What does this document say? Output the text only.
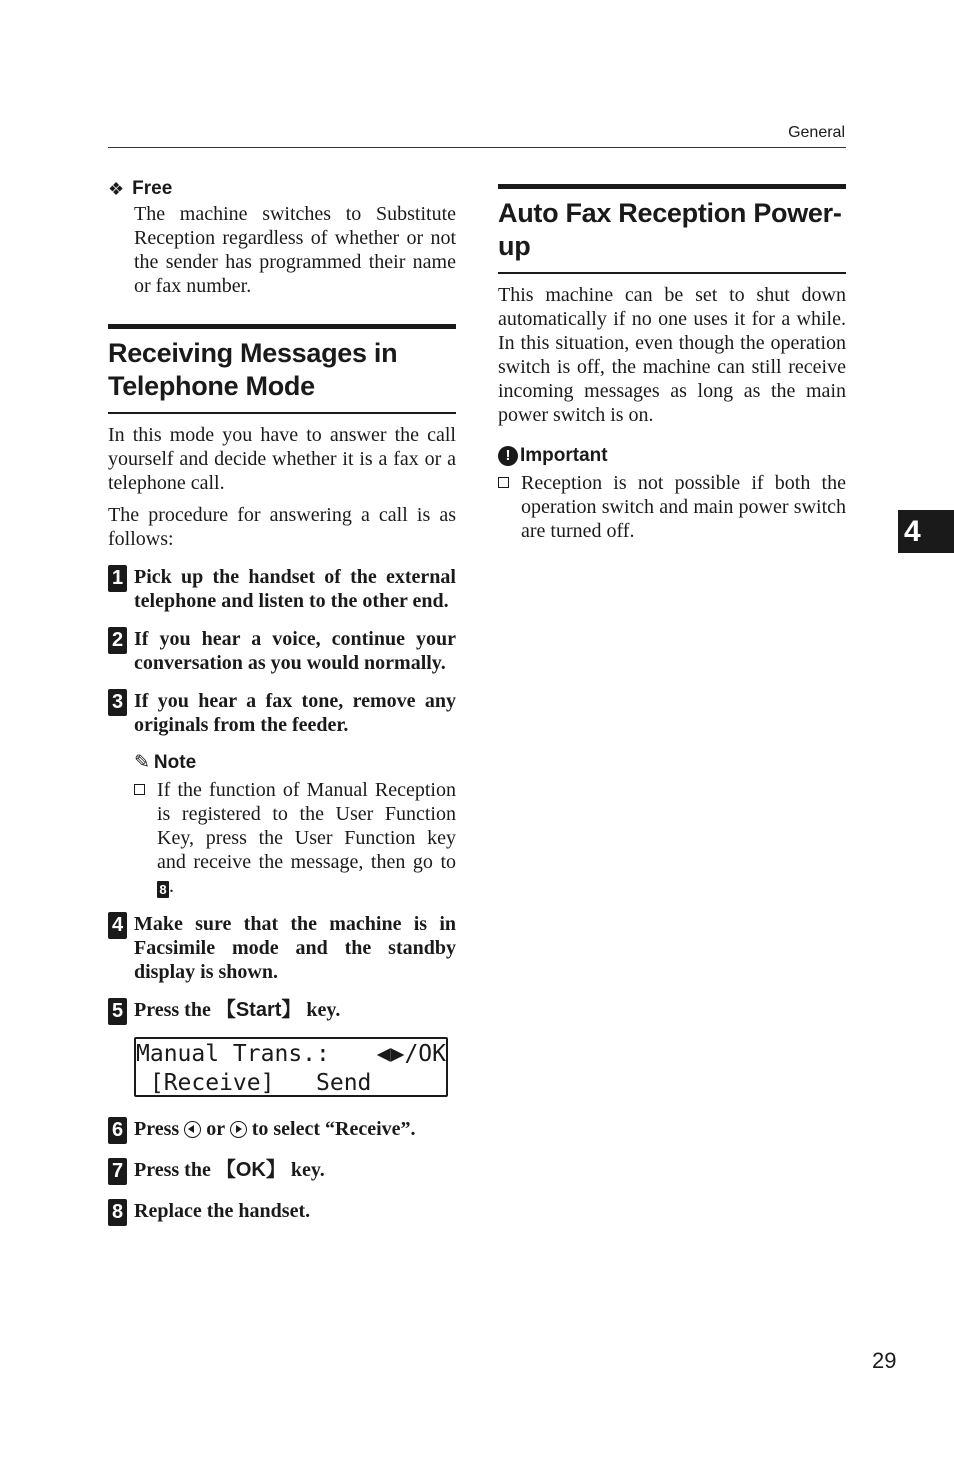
General
❖ Free

The machine switches to Substitute Reception regardless of whether or not the sender has programmed their name or fax number.

Receiving Messages in
Telephone Mode

In this mode you have to answer the call yourself and decide whether it is a fax or a telephone call.

The procedure for answering a call is as follows:

1 Pick up the handset of the external telephone and listen to the other end.
2 If you hear a voice, continue your conversation as you would normally.
3 If you hear a fax tone, remove any originals from the feeder.
✎ Note

If the function of Manual Reception is registered to the User Function Key, press the User Function key and receive the message, then go to 8 .

4 Make sure that the machine is in Facsimile mode and the standby display is shown.
5 Press the 【Start】 key.
Manual Trans.: ◀▶/OK
[Receive]   Send
6 Press
or
to select “Receive”.
7 Press the 【OK】 key.
8 Replace the handset.
Auto Fax Reception Power-up

This machine can be set to shut down automatically if no one uses it for a while. In this situation, even though the operation switch is off, the machine can still receive incoming messages as long as the main power switch is on.

! Important

Reception is not possible if both the operation switch and main power switch are turned off.	4
29
